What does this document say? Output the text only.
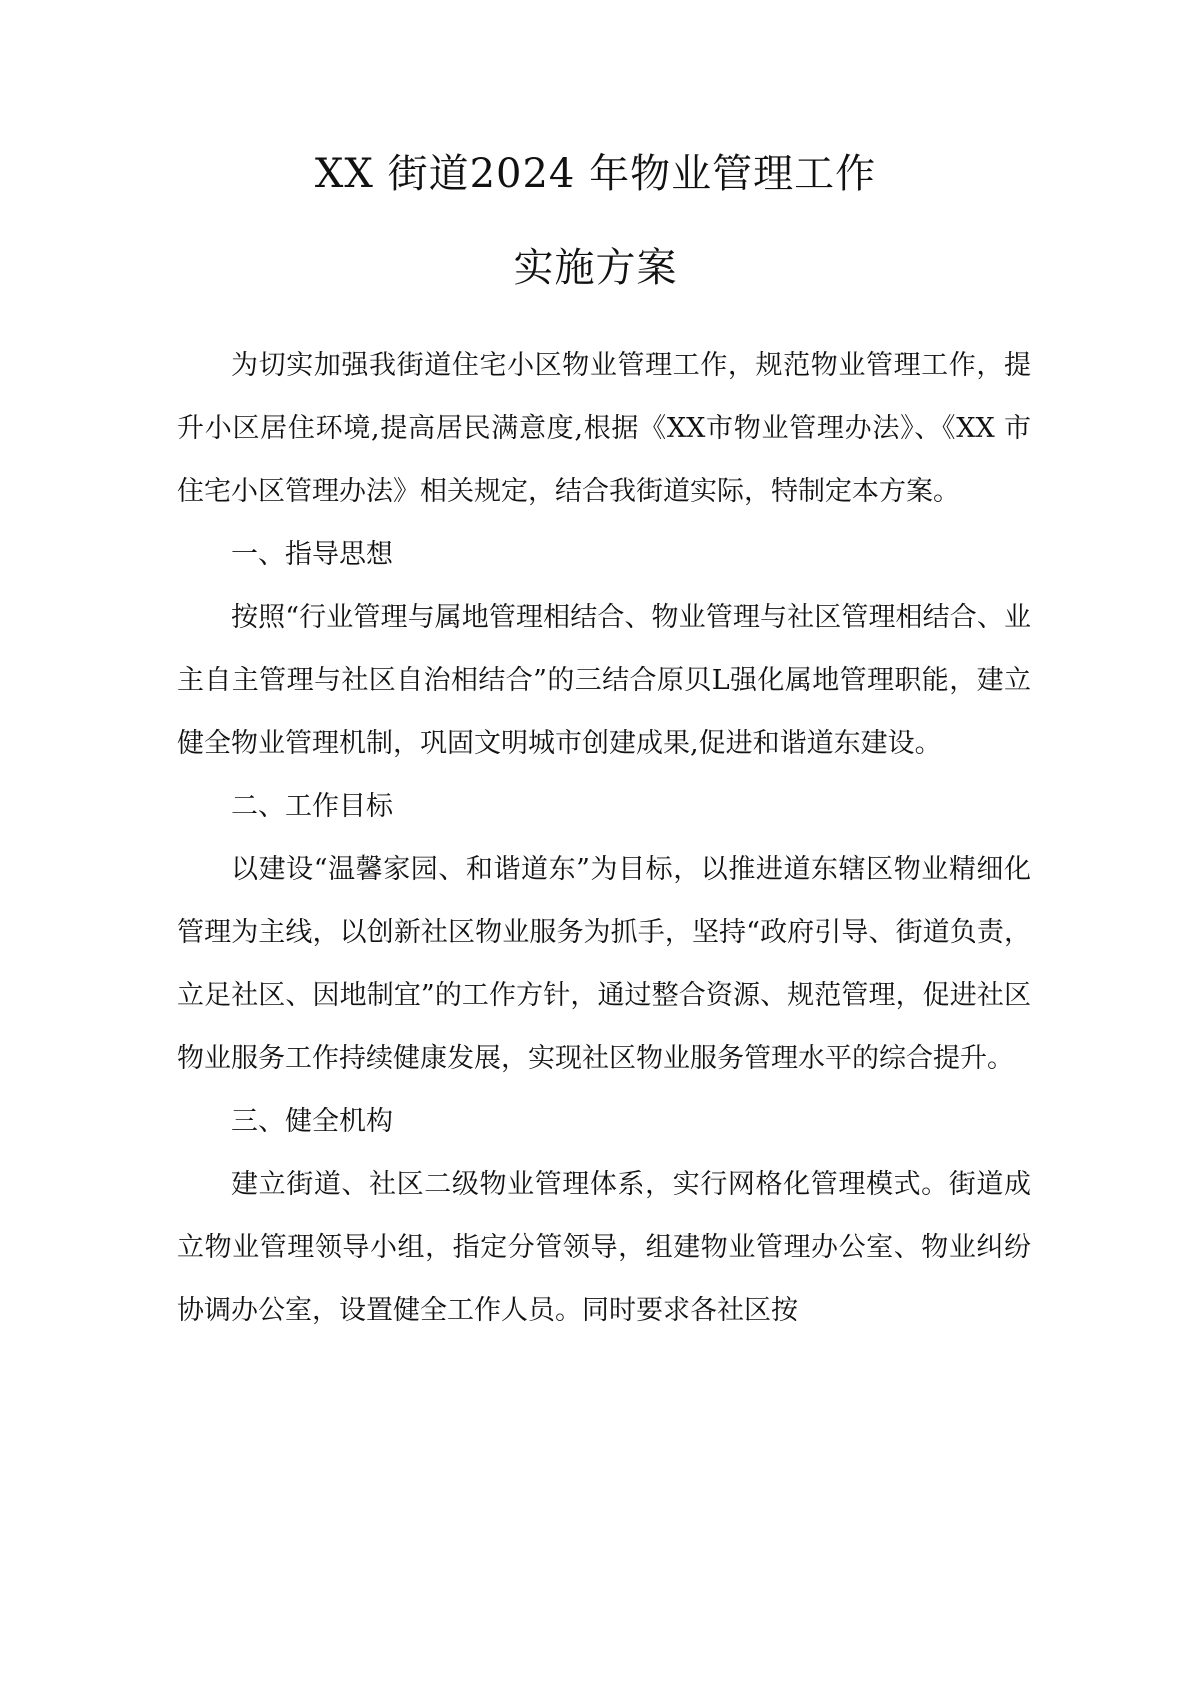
XX 街道2024 年物业管理工作
实施方案

为切实加强我街道住宅小区物业管理工作，规范物业管理工作，提升小区居住环境,提高居民满意度,根据《XX市物业管理办法》、《XX 市住宅小区管理办法》相关规定，结合我街道实际，特制定本方案。

一、指导思想

按照“行业管理与属地管理相结合、物业管理与社区管理相结合、业主自主管理与社区自治相结合”的三结合原贝L强化属地管理职能，建立健全物业管理机制，巩固文明城市创建成果,促进和谐道东建设。

二、工作目标

以建设“温馨家园、和谐道东”为目标，以推进道东辖区物业精细化管理为主线，以创新社区物业服务为抓手，坚持“政府引导、街道负责，立足社区、因地制宜”的工作方针，通过整合资源、规范管理，促进社区物业服务工作持续健康发展，实现社区物业服务管理水平的综合提升。

三、健全机构

建立街道、社区二级物业管理体系，实行网格化管理模式。街道成立物业管理领导小组，指定分管领导，组建物业管理办公室、物业纠纷协调办公室，设置健全工作人员。同时要求各社区按
